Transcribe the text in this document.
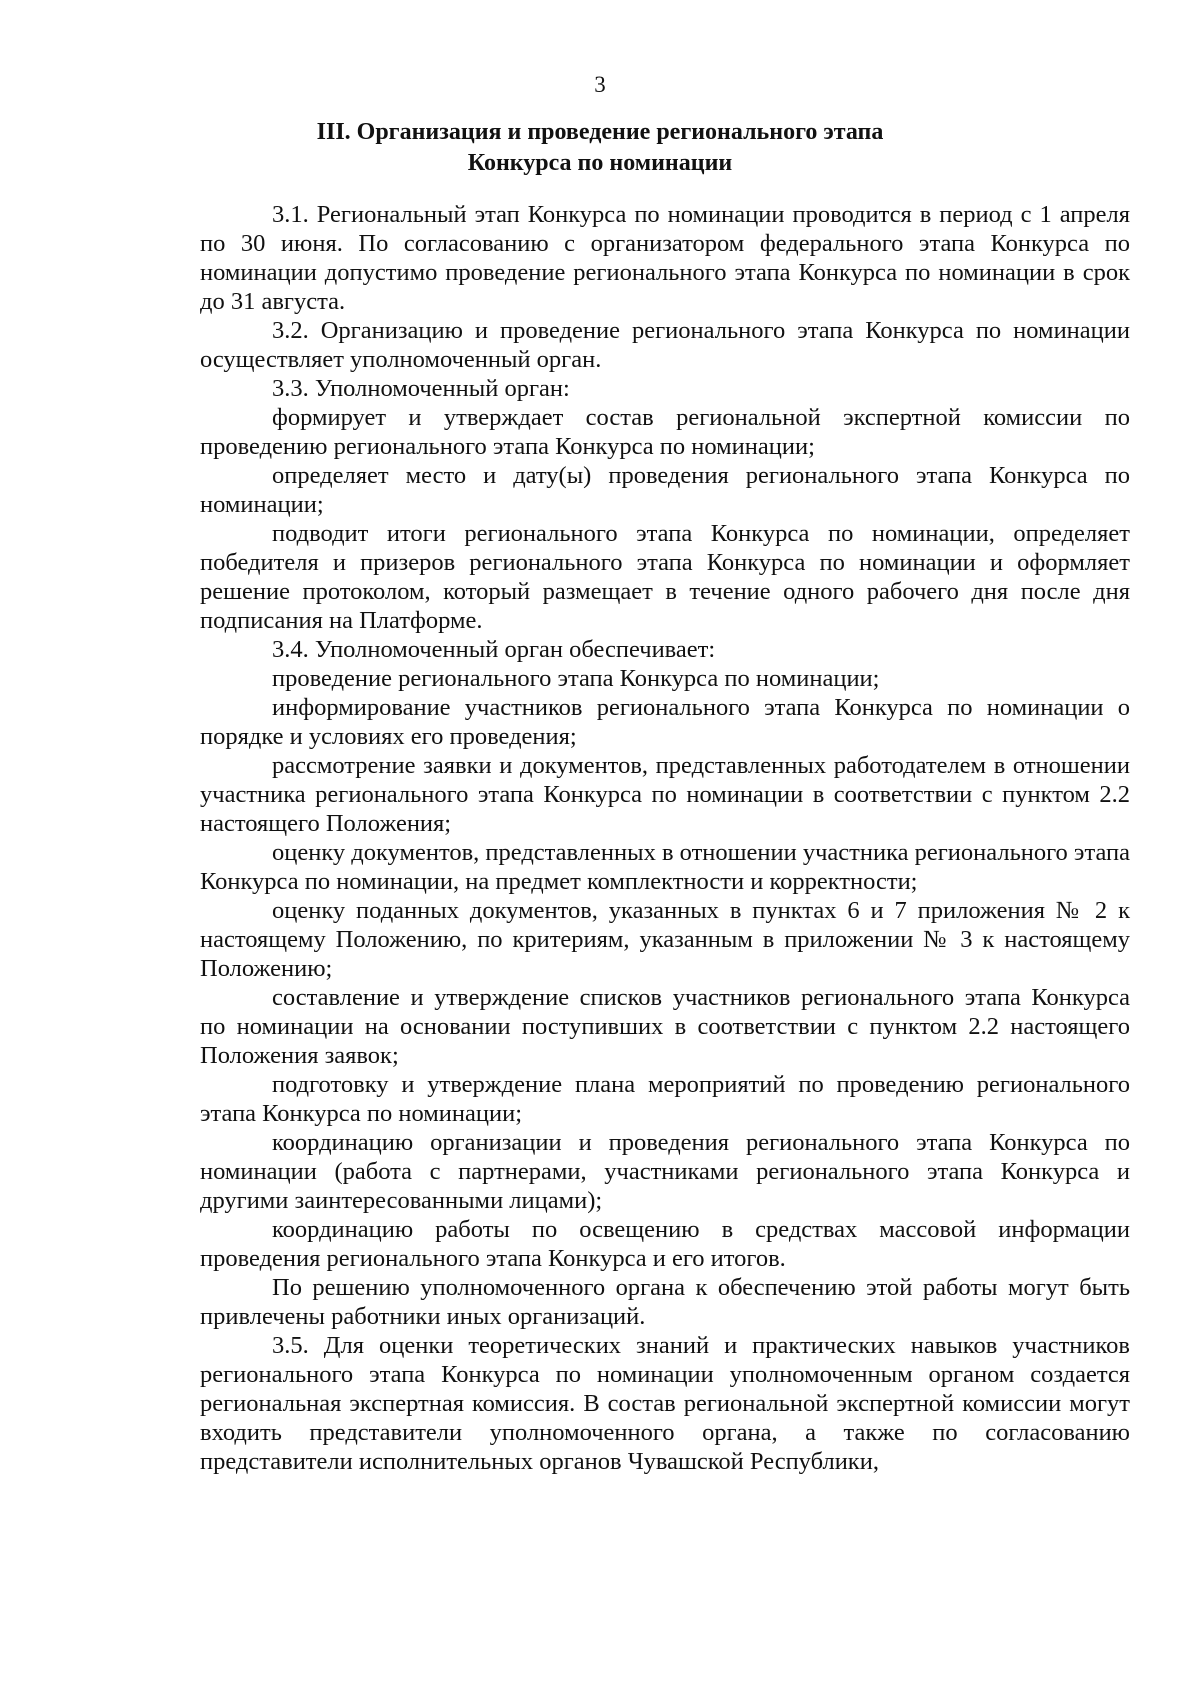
3
III. Организация и проведение регионального этапа
Конкурса по номинации

3.1. Региональный этап Конкурса по номинации проводится в период с 1 апреля по 30 июня. По согласованию с организатором федерального этапа Конкурса по номинации допустимо проведение регионального этапа Конкурса по номинации в срок до 31 августа.

3.2. Организацию и проведение регионального этапа Конкурса по номинации осуществляет уполномоченный орган.

3.3. Уполномоченный орган:

формирует и утверждает состав региональной экспертной комиссии по проведению регионального этапа Конкурса по номинации;

определяет место и дату(ы) проведения регионального этапа Конкурса по номинации;

подводит итоги регионального этапа Конкурса по номинации, определяет победителя и призеров регионального этапа Конкурса по номинации и оформляет решение протоколом, который размещает в течение одного рабочего дня после дня подписания на Платформе.

3.4. Уполномоченный орган обеспечивает:

проведение регионального этапа Конкурса по номинации;

информирование участников регионального этапа Конкурса по номинации о порядке и условиях его проведения;

рассмотрение заявки и документов, представленных работодателем в отношении участника регионального этапа Конкурса по номинации в соответствии с пунктом 2.2 настоящего Положения;

оценку документов, представленных в отношении участника регионального этапа Конкурса по номинации, на предмет комплектности и корректности;

оценку поданных документов, указанных в пунктах 6 и 7 приложения № 2 к настоящему Положению, по критериям, указанным в приложении № 3 к настоящему Положению;

составление и утверждение списков участников регионального этапа Конкурса по номинации на основании поступивших в соответствии с пунктом 2.2 настоящего Положения заявок;

подготовку и утверждение плана мероприятий по проведению регионального этапа Конкурса по номинации;

координацию организации и проведения регионального этапа Конкурса по номинации (работа с партнерами, участниками регионального этапа Конкурса и другими заинтересованными лицами);

координацию работы по освещению в средствах массовой информации проведения регионального этапа Конкурса и его итогов.

По решению уполномоченного органа к обеспечению этой работы могут быть привлечены работники иных организаций.

3.5. Для оценки теоретических знаний и практических навыков участников регионального этапа Конкурса по номинации уполномоченным органом создается региональная экспертная комиссия. В состав региональной экспертной комиссии могут входить представители уполномоченного органа, а также по согласованию представители исполнительных органов Чувашской Республики,
